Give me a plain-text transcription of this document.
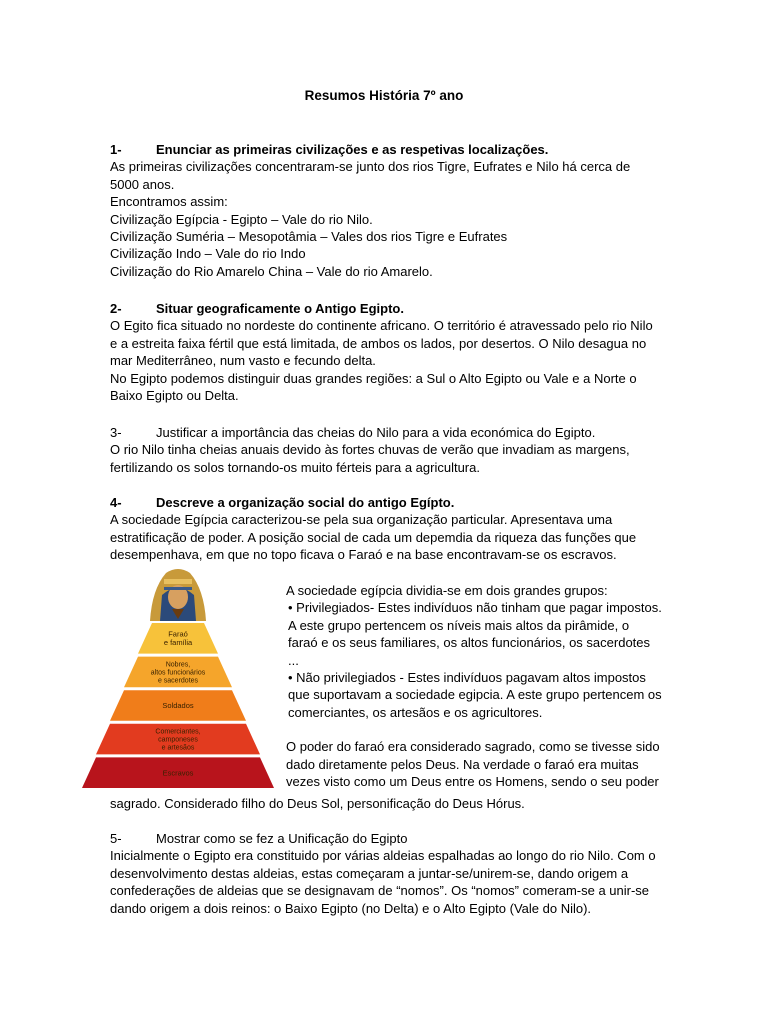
Resumos História 7º ano
1-	Enunciar as primeiras civilizações e as respetivas localizações.

As primeiras civilizações concentraram-se junto dos rios Tigre, Eufrates e Nilo há cerca de 5000 anos.

Encontramos assim:

Civilização Egípcia - Egipto – Vale do rio Nilo.

Civilização Suméria – Mesopotâmia – Vales dos rios Tigre e Eufrates

Civilização Indo – Vale do rio Indo

Civilização do Rio Amarelo China – Vale do rio Amarelo.

2-	Situar geograficamente o Antigo Egipto.

O Egito fica situado no nordeste do continente africano. O território é atravessado pelo rio Nilo e a estreita faixa fértil que está limitada, de ambos os lados, por desertos. O Nilo desagua no mar Mediterrâneo, num vasto e fecundo delta.

No Egipto podemos distinguir duas grandes regiões: a Sul o Alto Egipto ou Vale e a Norte o Baixo Egipto ou Delta.

3-	Justificar a importância das cheias do Nilo para a vida económica do Egipto.

O rio Nilo tinha cheias anuais devido às fortes chuvas de verão que invadiam as margens, fertilizando os solos tornando-os muito férteis para a agricultura.

4-	Descreve a organização social do antigo Egípto.

A sociedade Egípcia caracterizou-se pela sua organização particular. Apresentava uma estratificação de poder. A posição social de cada um depemdia da riqueza das funções que desempenhava, em que no topo ficava o Faraó e na base encontravam-se os escravos.

Faraó
e família
Nobres,
altos funcionários
e sacerdotes
Soldados
Comerciantes,
camponeses
e artesãos
Escravos

A sociedade egípcia dividia-se em dois grandes grupos:

• Privilegiados- Estes indivíduos não tinham que pagar impostos. A este grupo pertencem os níveis mais altos da pirâmide, o faraó e os seus familiares, os altos funcionários, os sacerdotes ...

• Não privilegiados - Estes indivíduos pagavam altos impostos que suportavam a sociedade egipcia. A este grupo pertencem os comerciantes, os artesãos e os agricultores.

O poder do faraó era considerado sagrado, como se tivesse sido dado diretamente pelos Deus. Na verdade o faraó era muitas vezes visto como um Deus entre os Homens, sendo o seu poder

sagrado. Considerado filho do Deus Sol, personificação do Deus Hórus.

5-	Mostrar como se fez a Unificação do Egipto

Inicialmente o Egipto era constituido por várias aldeias espalhadas ao longo do rio Nilo. Com o desenvolvimento destas aldeias, estas começaram a juntar-se/unirem-se, dando origem a confederações de aldeias que se designavam de “nomos”. Os “nomos” comeram-se a unir-se dando origem a dois reinos: o Baixo Egipto (no Delta) e o Alto Egipto (Vale do Nilo).
